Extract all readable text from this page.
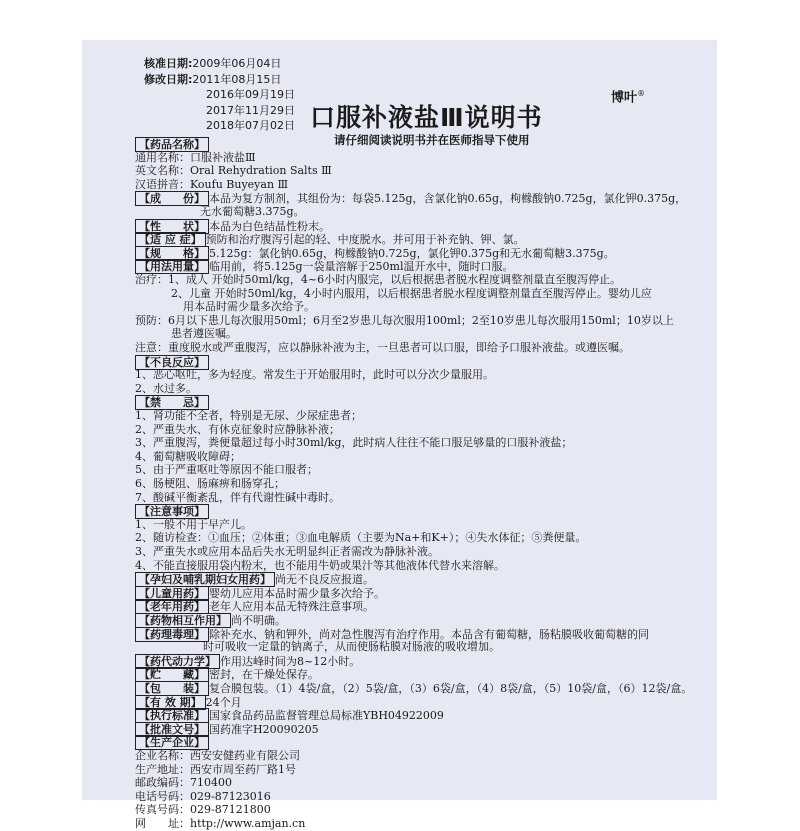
核准日期:2009年06月04日
修改日期:2011年08月15日
2016年09月19日
2017年11月29日
2018年07月02日
博叶®
口服补液盐Ⅲ说明书
请仔细阅读说明书并在医师指导下使用
【药品名称】
通用名称：口服补液盐Ⅲ
英文名称：Oral Rehydration Salts Ⅲ
汉语拼音：Koufu Buyeyan Ⅲ
【成　　份】 本品为复方制剂，其组份为：每袋5.125g，含氯化钠0.65g，枸橼酸钠0.725g，氯化钾0.375g，
无水葡萄糖3.375g。
【性　　状】 本品为白色结晶性粉末。
【适 应 症】 预防和治疗腹泻引起的轻、中度脱水。并可用于补充钠、钾、氯。
【规　　格】 5.125g：氯化钠0.65g，枸橼酸钠0.725g，氯化钾0.375g和无水葡萄糖3.375g。
【用法用量】 临用前，将5.125g一袋量溶解于250ml温开水中，随时口服。
治疗：1、成人 开始时50ml/kg，4~6小时内服完，以后根据患者脱水程度调整剂量直至腹泻停止。
2、儿童 开始时50ml/kg，4小时内服用，以后根据患者脱水程度调整剂量直至腹泻停止。婴幼儿应
用本品时需少量多次给予。
预防：6月以下患儿每次服用50ml；6月至2岁患儿每次服用100ml；2至10岁患儿每次服用150ml；10岁以上
患者遵医嘱。
注意：重度脱水或严重腹泻，应以静脉补液为主，一旦患者可以口服，即给予口服补液盐。或遵医嘱。
【不良反应】
1、恶心呕吐，多为轻度。常发生于开始服用时，此时可以分次少量服用。
2、水过多。
【禁　　忌】
1、肾功能不全者，特别是无尿、少尿症患者；
2、严重失水、有休克征象时应静脉补液；
3、严重腹泻，粪便量超过每小时30ml/kg，此时病人往往不能口服足够量的口服补液盐；
4、葡萄糖吸收障碍；
5、由于严重呕吐等原因不能口服者；
6、肠梗阻、肠麻痹和肠穿孔；
7、酸碱平衡紊乱，伴有代谢性碱中毒时。
【注意事项】
1、一般不用于早产儿。
2、随访检查：①血压；②体重；③血电解质（主要为Na+和K+）；④失水体征；⑤粪便量。
3、严重失水或应用本品后失水无明显纠正者需改为静脉补液。
4、不能直接服用袋内粉末，也不能用牛奶或果汁等其他液体代替水来溶解。
【孕妇及哺乳期妇女用药】 尚无不良反应报道。
【儿童用药】 婴幼儿应用本品时需少量多次给予。
【老年用药】 老年人应用本品无特殊注意事项。
【药物相互作用】 尚不明确。
【药理毒理】 除补充水、钠和钾外，尚对急性腹泻有治疗作用。本品含有葡萄糖，肠粘膜吸收葡萄糖的同
时可吸收一定量的钠离子，从而使肠粘膜对肠液的吸收增加。
【药代动力学】 作用达峰时间为8~12小时。
【贮　　藏】 密封，在干燥处保存。
【包　　装】 复合膜包装。（1）4袋/盒，（2）5袋/盒，（3）6袋/盒，（4）8袋/盒，（5）10袋/盒，（6）12袋/盒。
【有 效 期】 24个月
【执行标准】 国家食品药品监督管理总局标准YBH04922009
【批准文号】 国药准字H20090205
【生产企业】
企业名称：西安安健药业有限公司
生产地址：西安市周至药厂路1号
邮政编码：710400
电话号码：029-87123016
传真号码：029-87121800
网　　址：http://www.amjan.cn
